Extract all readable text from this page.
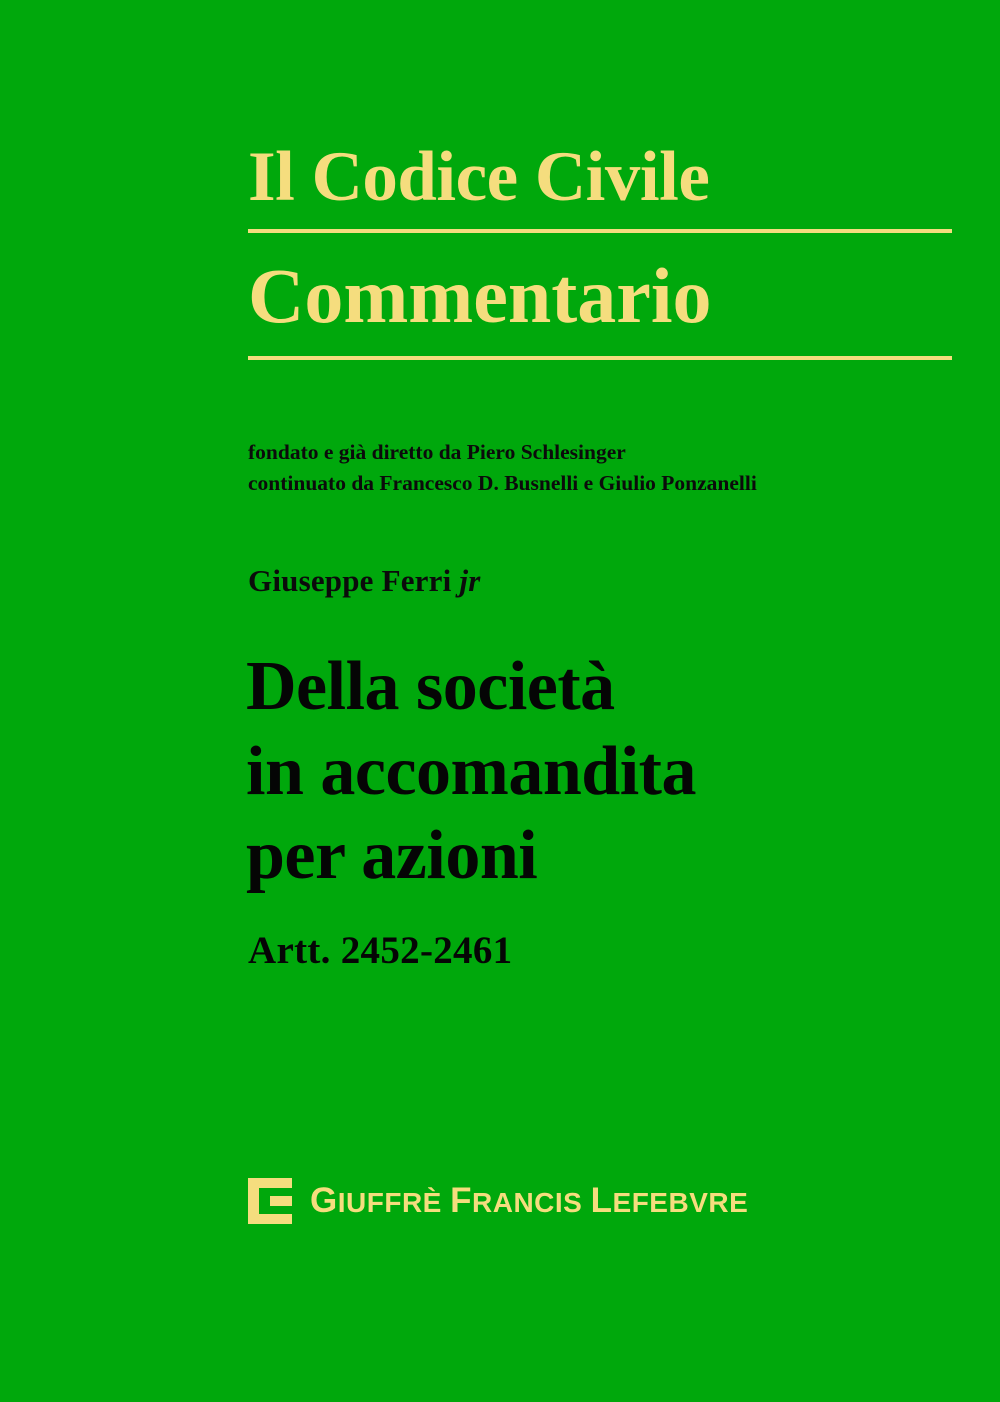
Il Codice Civile
Commentario
fondato e già diretto da Piero Schlesinger
continuato da Francesco D. Busnelli e Giulio Ponzanelli
Giuseppe Ferri jr
Della società
in accomandita
per azioni
Artt. 2452-2461
GIUFFRÈ FRANCIS LEFEBVRE
